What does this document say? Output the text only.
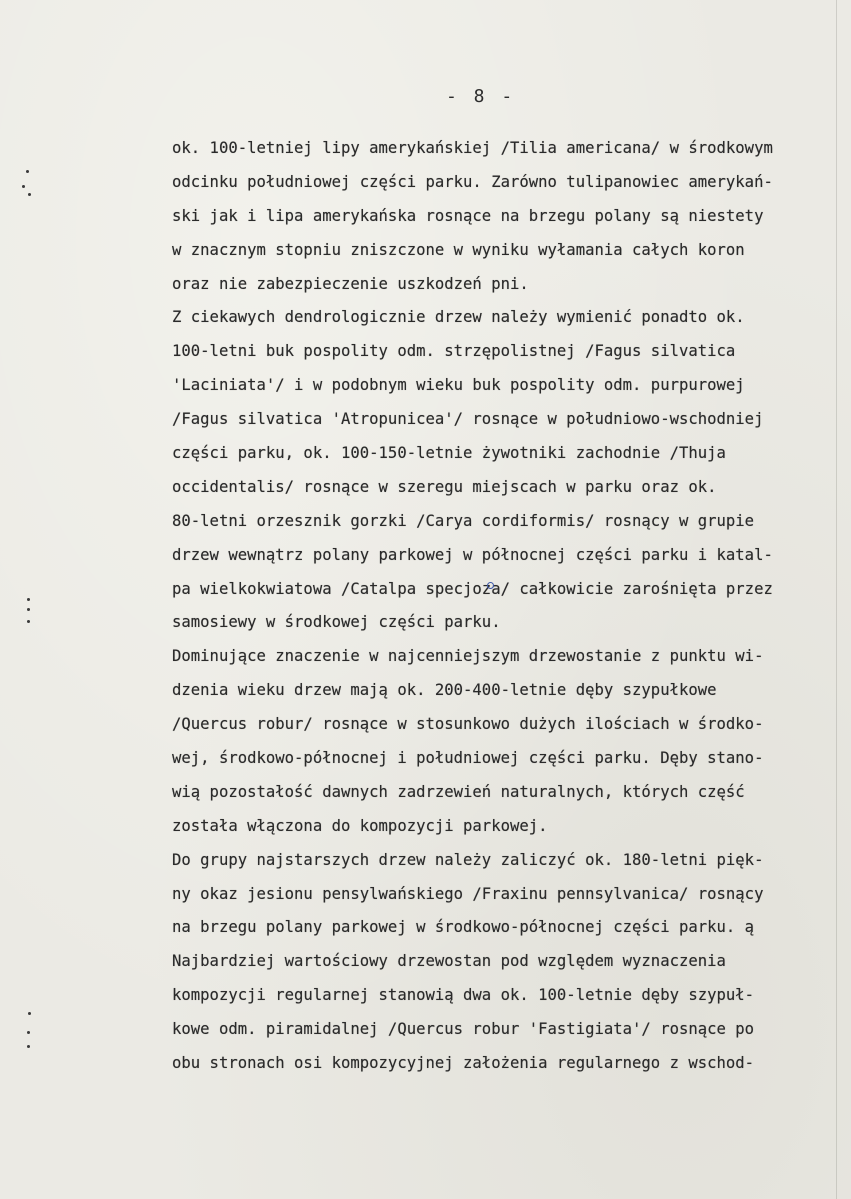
- 8 -
ok. 100-letniej lipy amerykańskiej /Tilia americana/ w środkowym
odcinku południowej części parku. Zarówno tulipanowiec amerykań-
ski jak i lipa amerykańska rosnące na brzegu polany są niestety
w znacznym stopniu zniszczone w wyniku wyłamania całych koron
oraz nie zabezpieczenie uszkodzeń pni.
Z ciekawych dendrologicznie drzew należy wymienić ponadto ok.
100-letni buk pospolity odm. strzępolistnej /Fagus silvatica
'Laciniata'/ i w podobnym wieku buk pospolity odm. purpurowej
/Fagus silvatica 'Atropunicea'/ rosnące w południowo-wschodniej
części parku, ok. 100-150-letnie żywotniki zachodnie /Thuja
occidentalis/ rosnące w szeregu miejscach w parku oraz ok.
80-letni orzesznik gorzki /Carya cordiformis/ rosnący w grupie
drzew wewnątrz polany parkowej w północnej części parku i katal-
pa wielkokwiatowa /Catalpa specjoza/ całkowicie zarośnięta przez
samosiewy w środkowej części parku.
Dominujące znaczenie w najcenniejszym drzewostanie z punktu wi-
dzenia wieku drzew mają ok. 200-400-letnie dęby szypułkowe
/Quercus robur/ rosnące w stosunkowo dużych ilościach w środko-
wej, środkowo-północnej i południowej części parku. Dęby stano-
wią pozostałość dawnych zadrzewień naturalnych, których część
została włączona do kompozycji parkowej.
Do grupy najstarszych drzew należy zaliczyć ok. 180-letni pięk-
ny okaz jesionu pensylwańskiego /Fraxinu pennsylvanica/ rosnący
na brzegu polany parkowej w środkowo-północnej części parku. ą
Najbardziej wartościowy drzewostan pod względem wyznaczenia
kompozycji regularnej stanowią dwa ok. 100-letnie dęby szypuł-
kowe odm. piramidalnej /Quercus robur 'Fastigiata'/ rosnące po
obu stronach osi kompozycyjnej założenia regularnego z wschod-
